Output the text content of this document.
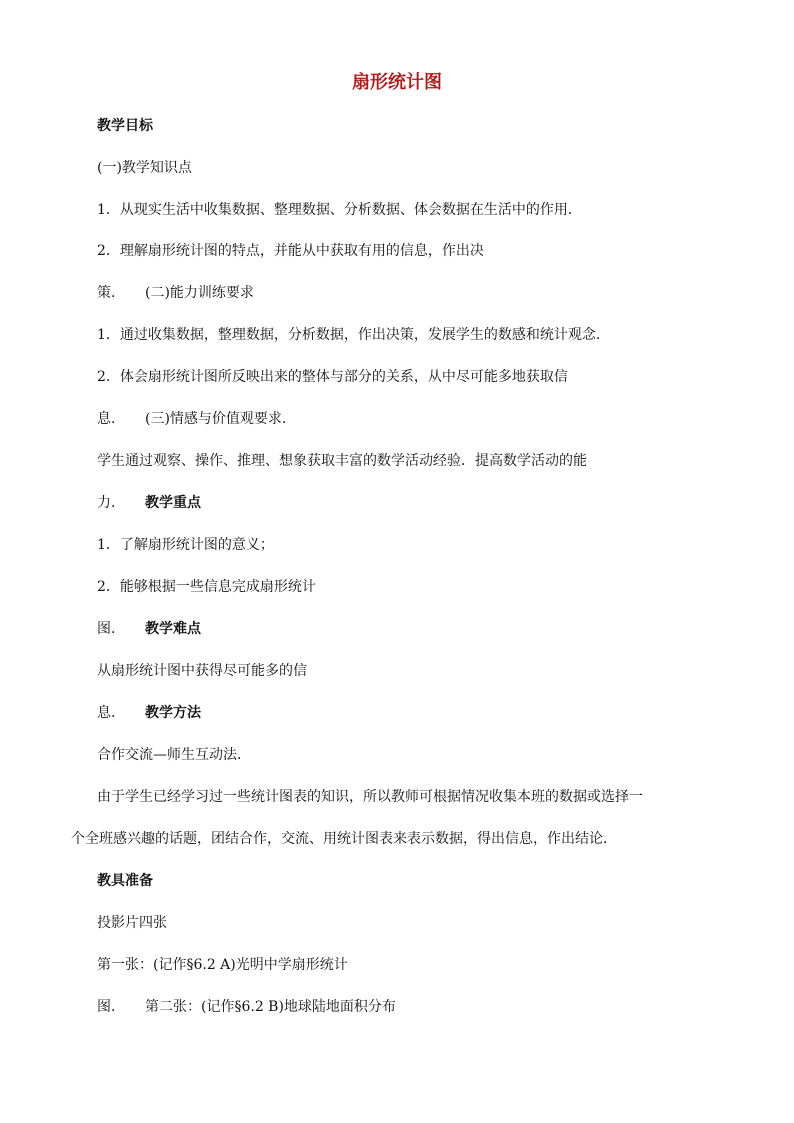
扇形统计图
教学目标
(一)教学知识点
1．从现实生活中收集数据、整理数据、分析数据、体会数据在生活中的作用．
2．理解扇形统计图的特点，并能从中获取有用的信息，作出决
策． (二)能力训练要求
1．通过收集数据，整理数据，分析数据，作出决策，发展学生的数感和统计观念．
2．体会扇形统计图所反映出来的整体与部分的关系，从中尽可能多地获取信
息． (三)情感与价值观要求．
学生通过观察、操作、推理、想象获取丰富的数学活动经验．提高数学活动的能
力． 教学重点
1．了解扇形统计图的意义；
2．能够根据一些信息完成扇形统计
图． 教学难点
从扇形统计图中获得尽可能多的信
息． 教学方法
合作交流—师生互动法．
由于学生已经学习过一些统计图表的知识，所以教师可根据情况收集本班的数据或选择一
个全班感兴趣的话题，团结合作，交流、用统计图表来表示数据，得出信息，作出结论．
教具准备
投影片四张
第一张：(记作§6.2 A)光明中学扇形统计
图． 第二张：(记作§6.2 B)地球陆地面积分布
